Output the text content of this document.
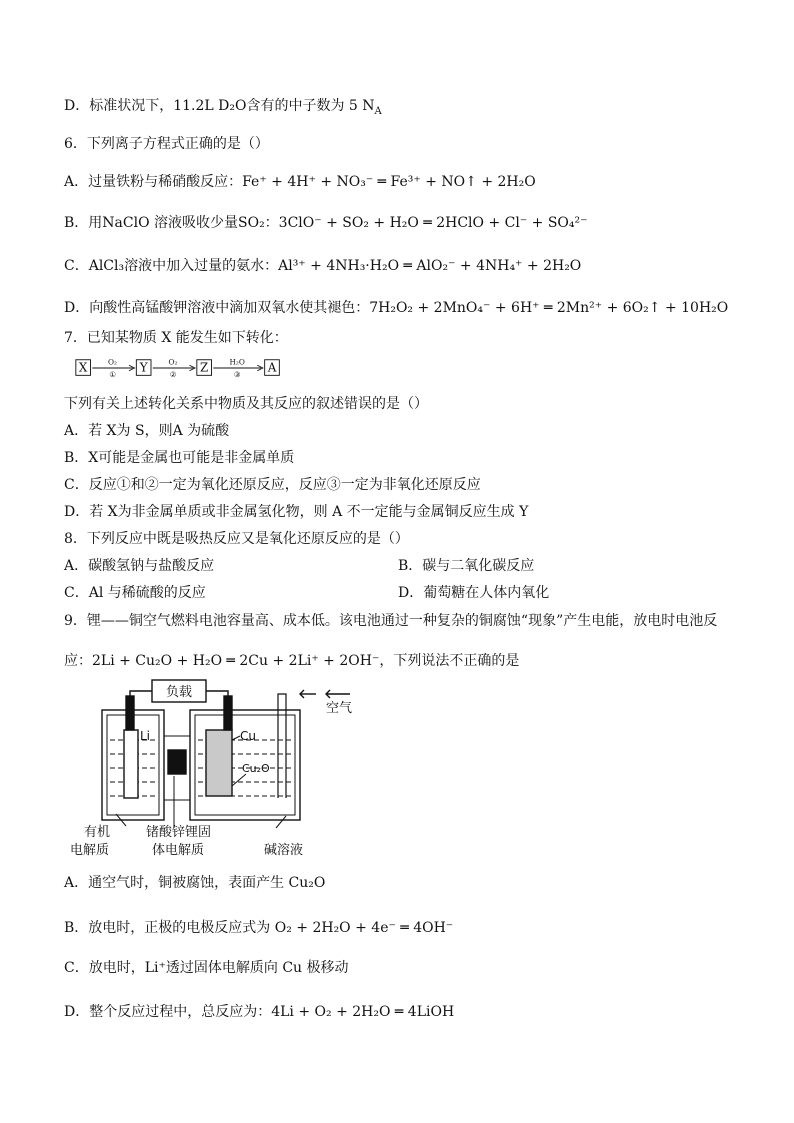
D．标准状况下，11.2L D₂O含有的中子数为 5 $N_A$
6．下列离子方程式正确的是（）
A．过量铁粉与稀硝酸反应：Fe⁺ + 4H⁺ + NO₃⁻ ═ Fe³⁺ + NO↑ + 2H₂O
B．用NaClO 溶液吸收少量SO₂：3ClO⁻ + SO₂ + H₂O ═ 2HClO + Cl⁻ + SO₄²⁻
C．AlCl₃溶液中加入过量的氨水：Al³⁺ + 4NH₃·H₂O ═ AlO₂⁻ + 4NH₄⁺ + 2H₂O
D．向酸性高锰酸钾溶液中滴加双氧水使其褪色：7H₂O₂ + 2MnO₄⁻ + 6H⁺ ═ 2Mn²⁺ + 6O₂↑ + 10H₂O
7．已知某物质 X 能发生如下转化：
X	O₂
① Y	O₂
② Z	H₂O
③ A
下列有关上述转化关系中物质及其反应的叙述错误的是（）
A．若 X为 S，则A 为硫酸
B．X可能是金属也可能是非金属单质
C．反应①和②一定为氧化还原反应，反应③一定为非氧化还原反应
D．若 X为非金属单质或非金属氢化物，则 A 不一定能与金属铜反应生成 Y
8．下列反应中既是吸热反应又是氧化还原反应的是（）
A．碳酸氢钠与盐酸反应	B．碳与二氧化碳反应
C．Al 与稀硫酸的反应	D．葡萄糖在人体内氧化
9．锂——铜空气燃料电池容量高、成本低。该电池通过一种复杂的铜腐蚀“现象”产生电能，放电时电池反
应：2Li + Cu₂O + H₂O ═ 2Cu + 2Li⁺ + 2OH⁻，下列说法不正确的是
负载
Li	Cu
Cu₂O
空气
有机
电解质
锗酸锌锂固
体电解质	碱溶液
A．通空气时，铜被腐蚀，表面产生 Cu₂O
B．放电时，正极的电极反应式为 O₂ + 2H₂O + 4e⁻ ═ 4OH⁻
C．放电时，Li⁺透过固体电解质向 Cu 极移动
D．整个反应过程中，总反应为：4Li + O₂ + 2H₂O ═ 4LiOH
